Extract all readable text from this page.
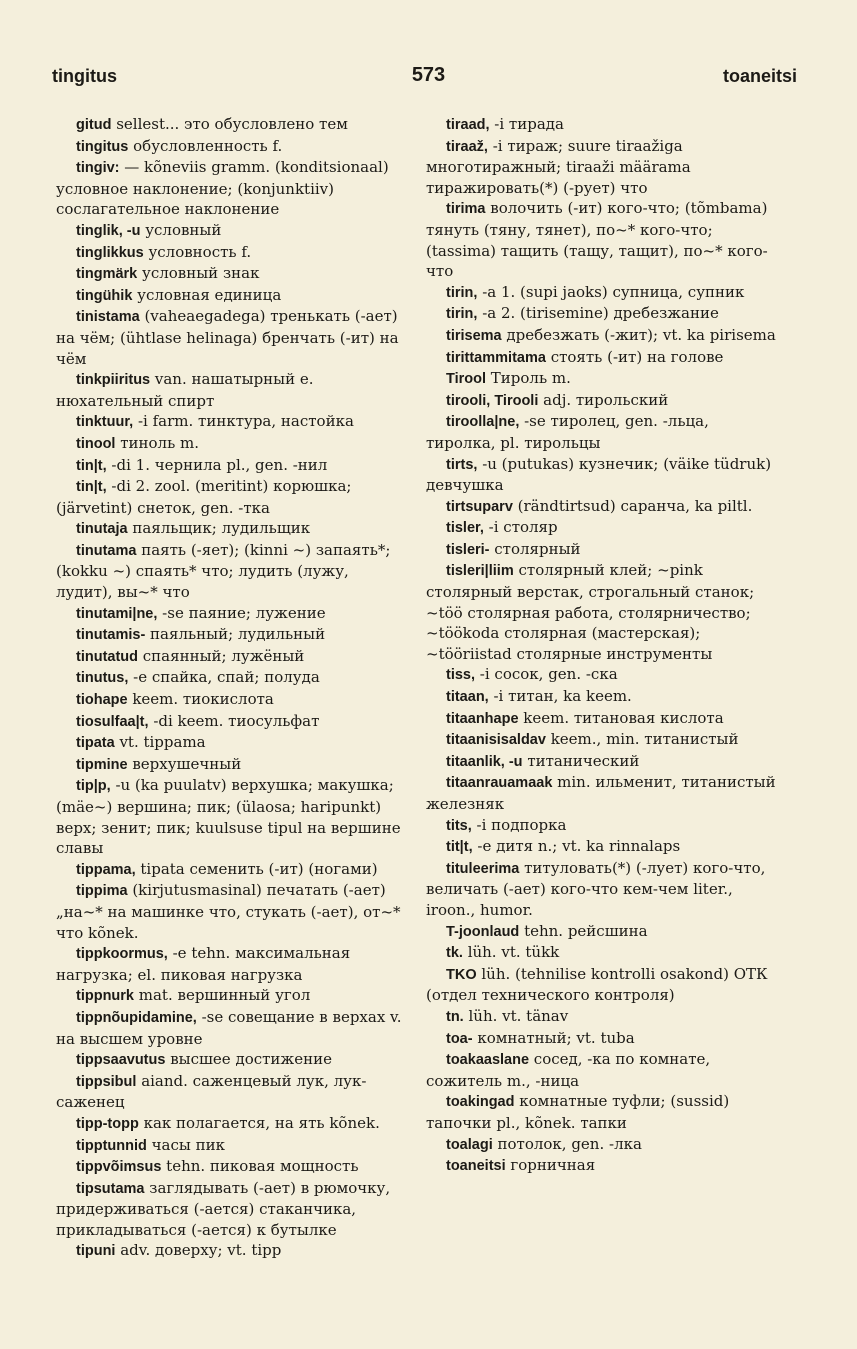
tingitus	573	toaneitsi

gitud sellest... это обусловлено тем

tingitus обусловленность f.

tingiv: — kõneviis gramm. (konditsionaal) условное наклонение; (konjunktiiv) сослагательное наклонение

tinglik, -u условный

tinglikkus условность f.

tingmärk условный знак

tingühik условная единица

tinistama (vaheaegadega) тренькать (-ает) на чём; (ühtlase helinaga) бренчать (-ит) на чём

tinkpiiritus van. нашатырный e. нюхательный спирт

tinktuur, -i farm. тинктура, настойка

tinool тиноль m.

tin|t, -di 1. чернила pl., gen. -нил

tin|t, -di 2. zool. (meritint) корюшка; (järvetint) снеток, gen. -тка

tinutaja паяльщик; лудильщик

tinutama паять (-яет); (kinni ~) запаять*; (kokku ~) спаять* что; лудить (лужу, лудит), вы~* что

tinutami|ne, -se паяние; лужение

tinutamis- паяльный; лудильный

tinutatud спаянный; лужёный

tinutus, -e спайка, спай; полуда

tiohape keem. тиокислота

tiosulfaa|t, -di keem. тиосульфат

tipata vt. tippama

tipmine верхушечный

tip|p, -u (ka puulatv) верхушка; макушка; (mäe~) вершина; пик; (ülaosa; haripunkt) верх; зенит; пик; kuulsuse tipul на вершине славы

tippama, tipata семенить (-ит) (ногами)

tippima (kirjutusmasinal) печатать (-ает) „на~* на машинке что, стукать (-ает), от~* что kõnek.

tippkoormus, -e tehn. максимальная нагрузка; el. пиковая нагрузка

tippnurk mat. вершинный угол

tippnõupidamine, -se совещание в верхах v. на высшем уровне

tippsaavutus высшее достижение

tippsibul aiand. саженцевый лук, лук-саженец

tipp-topp как полагается, на ять kõnek.

tipptunnid часы пик

tippvõimsus tehn. пиковая мощность

tipsutama заглядывать (-ает) в рюмочку, придерживаться (-ается) стаканчика, прикладываться (-ается) к бутылке

tipuni adv. доверху; vt. tipp

tiraad, -i тирада

tiraaž, -i тираж; suure tiraažiga многотиражный; tiraaži määrama тиражировать(*) (-рует) что

tirima волочить (-ит) кого-что; (tõmbama) тянуть (тяну, тянет), по~* кого-что; (tassima) тащить (тащу, тащит), по~* кого-что

tirin, -a 1. (supi jaoks) супница, супник

tirin, -a 2. (tirisemine) дребезжание

tirisema дребезжать (-жит); vt. ka pirisema

tirittammitama стоять (-ит) на голове

Tirool Тироль m.

tirooli, Tirooli adj. тирольский

tiroolla|ne, -se тиролец, gen. -льца, тиролка, pl. тирольцы

tirts, -u (putukas) кузнечик; (väike tüdruk) девчушка

tirtsuparv (rändtirtsud) саранча, ka piltl.

tisler, -i столяр

tisleri- столярный

tisleri|liim столярный клей; ~pink столярный верстак, строгальный станок; ~töö столярная работа, столярничество; ~töökoda столярная (мастерская); ~tööriistad столярные инструменты

tiss, -i сосок, gen. -ска

titaan, -i титан, ka keem.

titaanhape keem. титановая кислота

titaanisisaldav keem., min. титанистый

titaanlik, -u титанический

titaanrauamaak min. ильменит, титанистый железняк

tits, -i подпорка

tit|t, -e дитя n.; vt. ka rinnalaps

tituleerima титуловать(*) (-лует) кого-что, величать (-ает) кого-что кем-чем liter., iroon., humor.

T-joonlaud tehn. рейсшина

tk. lüh. vt. tükk

TKO lüh. (tehnilise kontrolli osakond) ОТК (отдел технического контроля)

tn. lüh. vt. tänav

toa- комнатный; vt. tuba

toakaaslane сосед, -ка по комнате, сожитель m., -ница

toakingad комнатные туфли; (sussid) тапочки pl., kõnek. тапки

toalagi потолок, gen. -лка

toaneitsi горничная
